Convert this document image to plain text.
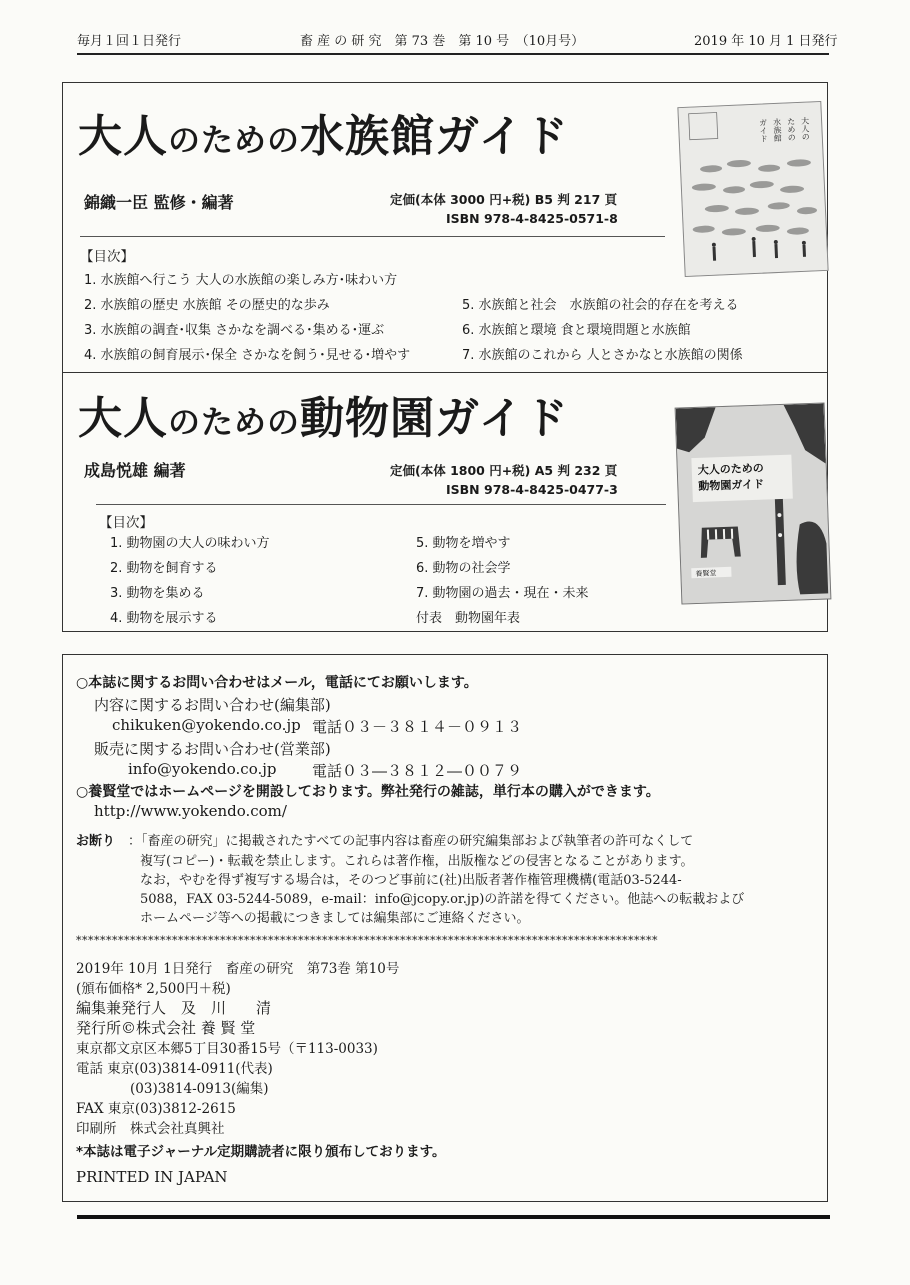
毎月１回１日発行	畜 産 の 研 究　第 73 巻　第 10 号　（10月号）	2019 年 10 月 1 日発行
大人のための水族館ガイド
錦織一臣 監修・編著	定価(本体 3000 円+税) B5 判 217 頁
ISBN 978-4-8425-0571-8
【目次】
1. 水族館へ行こう 大人の水族館の楽しみ方･味わい方
2. 水族館の歴史 水族館 その歴史的な歩み
3. 水族館の調査･収集 さかなを調べる･集める･運ぶ
4. 水族館の飼育展示･保全 さかなを飼う･見せる･増やす
5. 水族館と社会　水族館の社会的存在を考える
6. 水族館と環境 食と環境問題と水族館
7. 水族館のこれから 人とさかなと水族館の関係
大人の
ための
水族館
ガイド
大人のための動物園ガイド
成島悦雄 編著	定価(本体 1800 円+税) A5 判 232 頁
ISBN 978-4-8425-0477-3
【目次】
1. 動物園の大人の味わい方
2. 動物を飼育する
3. 動物を集める
4. 動物を展示する
5. 動物を増やす
6. 動物の社会学
7. 動物園の過去・現在・未来
付表　動物園年表
大人のための
動物園ガイド
養賢堂
○本誌に関するお問い合わせはメール，電話にてお願いします。
内容に関するお問い合わせ(編集部)
chikuken@yokendo.co.jp 電話０３－３８１４－０９１３
販売に関するお問い合わせ(営業部)
info@yokendo.co.jp 電話０３―３８１２―００７９
○養賢堂ではホームページを開設しております。弊社発行の雑誌，単行本の購入ができます。
http://www.yokendo.com/
お断り ：「畜産の研究」に掲載されたすべての記事内容は畜産の研究編集部および執筆者の許可なくして
複写(コピー)・転載を禁止します。これらは著作権，出版権などの侵害となることがあります。
なお，やむを得ず複写する場合は，そのつど事前に(社)出版者著作権管理機構(電話03-5244-
5088，FAX 03-5244-5089，e-mail：info@jcopy.or.jp)の許諾を得てください。他誌への転載および
ホームページ等への掲載につきましては編集部にご連絡ください。
*************************************************************************************************
2019年 10月 1日発行　畜産の研究　第73巻 第10号
(頒布価格* 2,500円＋税)
編集兼発行人　及　川　　清
発行所©株式会社 養 賢 堂
東京都文京区本郷5丁目30番15号（〒113-0033)
電話 東京(03)3814-0911(代表)
　　　　(03)3814-0913(編集)
FAX 東京(03)3812-2615
印刷所　株式会社真興社
*本誌は電子ジャーナル定期購読者に限り頒布しております。
PRINTED IN JAPAN
